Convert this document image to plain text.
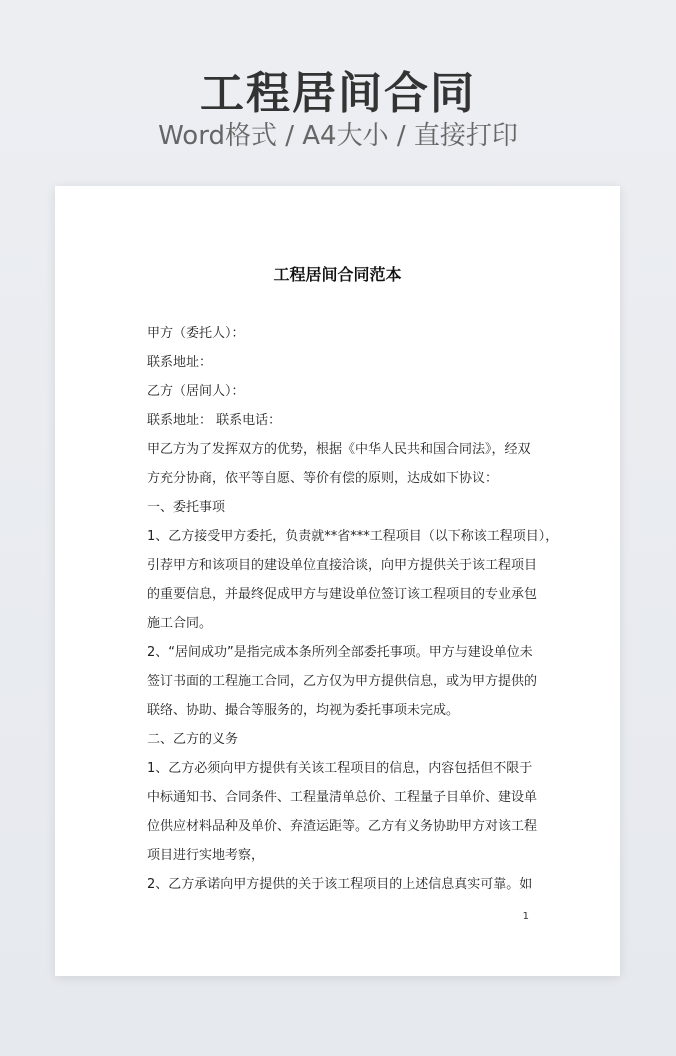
工程居间合同
Word格式 / A4大小 / 直接打印
工程居间合同范本
甲方（委托人）：
联系地址：
乙方（居间人）：
联系地址： 联系电话：
甲乙方为了发挥双方的优势，根据《中华人民共和国合同法》，经双
方充分协商，依平等自愿、等价有偿的原则，达成如下协议：
一、委托事项
1、乙方接受甲方委托，负责就**省***工程项目（以下称该工程项目），
引荐甲方和该项目的建设单位直接洽谈，向甲方提供关于该工程项目
的重要信息，并最终促成甲方与建设单位签订该工程项目的专业承包
施工合同。
2、“居间成功”是指完成本条所列全部委托事项。甲方与建设单位未
签订书面的工程施工合同，乙方仅为甲方提供信息，或为甲方提供的
联络、协助、撮合等服务的，均视为委托事项未完成。
二、乙方的义务
1、乙方必须向甲方提供有关该工程项目的信息，内容包括但不限于
中标通知书、合同条件、工程量清单总价、工程量子目单价、建设单
位供应材料品种及单价、弃渣运距等。乙方有义务协助甲方对该工程
项目进行实地考察，
2、乙方承诺向甲方提供的关于该工程项目的上述信息真实可靠。如
1
